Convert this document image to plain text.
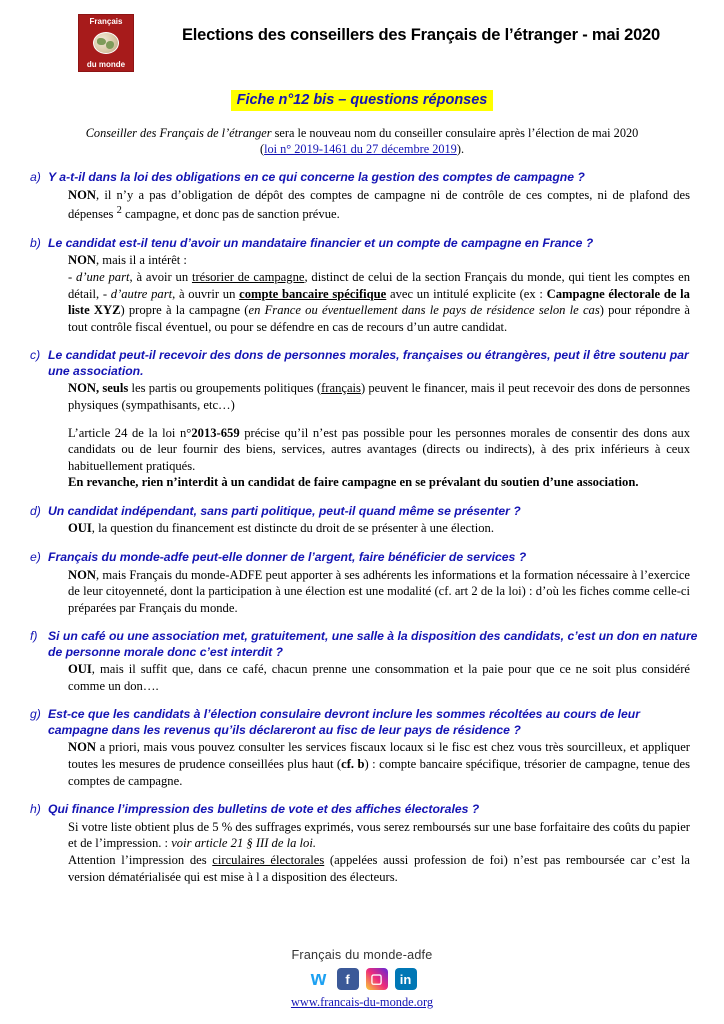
Français
du monde
Elections des conseillers des Français de l’étranger - mai 2020
Fiche n°12 bis – questions réponses
Conseiller des Français de l’étranger sera le nouveau nom du conseiller consulaire après l’élection de mai 2020
(loi n° 2019-1461 du 27 décembre 2019).
a) Y a-t-il dans la loi des obligations en ce qui concerne la gestion des comptes de campagne ?

NON, il n’y a pas d’obligation de dépôt des comptes de campagne ni de contrôle de ces comptes, ni de plafond des dépenses $^2$ campagne, et donc pas de sanction prévue.

b) Le candidat est-il tenu d’avoir un mandataire financier et un compte de campagne en France ?

NON, mais il a intérêt :
- d’une part, à avoir un trésorier de campagne, distinct de celui de la section Français du monde, qui tient les comptes en détail, - d’autre part, à ouvrir un compte bancaire spécifique avec un intitulé explicite (ex : Campagne électorale de la liste XYZ) propre à la campagne (en France ou éventuellement dans le pays de résidence selon le cas) pour répondre à tout contrôle fiscal éventuel, ou pour se défendre en cas de recours d’un autre candidat.

c) Le candidat peut-il recevoir des dons de personnes morales, françaises ou étrangères, peut il être soutenu par une association.

NON, seuls les partis ou groupements politiques (français) peuvent le financer, mais il peut recevoir des dons de personnes physiques (sympathisants, etc…)

L’article 24 de la loi n°2013-659 précise qu’il n’est pas possible pour les personnes morales de consentir des dons aux candidats ou de leur fournir des biens, services, autres avantages (directs ou indirects), à des prix inférieurs à ceux habituellement pratiqués.
En revanche, rien n’interdit à un candidat de faire campagne en se prévalant du soutien d’une association.

d) Un candidat indépendant, sans parti politique, peut-il quand même se présenter ?

OUI, la question du financement est distincte du droit de se présenter à une élection.

e) Français du monde-adfe peut-elle donner de l’argent, faire bénéficier de services ?

NON, mais Français du monde-ADFE peut apporter à ses adhérents les informations et la formation nécessaire à l’exercice de leur citoyenneté, dont la participation à une élection est une modalité (cf. art 2 de la loi) : d’où les fiches comme celle-ci préparées par Français du monde.

f) Si un café ou une association met, gratuitement, une salle à la disposition des candidats, c’est un don en nature de personne morale donc c’est interdit ?

OUI, mais il suffit que, dans ce café, chacun prenne une consommation et la paie pour que ce ne soit plus considéré comme un don….

g) Est-ce que les candidats à l’élection consulaire devront inclure les sommes récoltées au cours de leur campagne dans les revenus qu’ils déclareront au fisc de leur pays de résidence ?

NON a priori, mais vous pouvez consulter les services fiscaux locaux si le fisc est chez vous très sourcilleux, et appliquer toutes les mesures de prudence conseillées plus haut (cf. b) : compte bancaire spécifique, trésorier de campagne, tenue des comptes de campagne.

h) Qui finance l’impression des bulletins de vote et des affiches électorales ?

Si votre liste obtient plus de 5 % des suffrages exprimés, vous serez remboursés sur une base forfaitaire des coûts du papier et de l’impression. : voir article 21 § III de la loi.
Attention l’impression des circulaires électorales (appelées aussi profession de foi) n’est pas remboursée car c’est la version dématérialisée qui est mise à l a disposition des électeurs.

Français du monde-adfe
w	f	▢	in
www.francais-du-monde.org
